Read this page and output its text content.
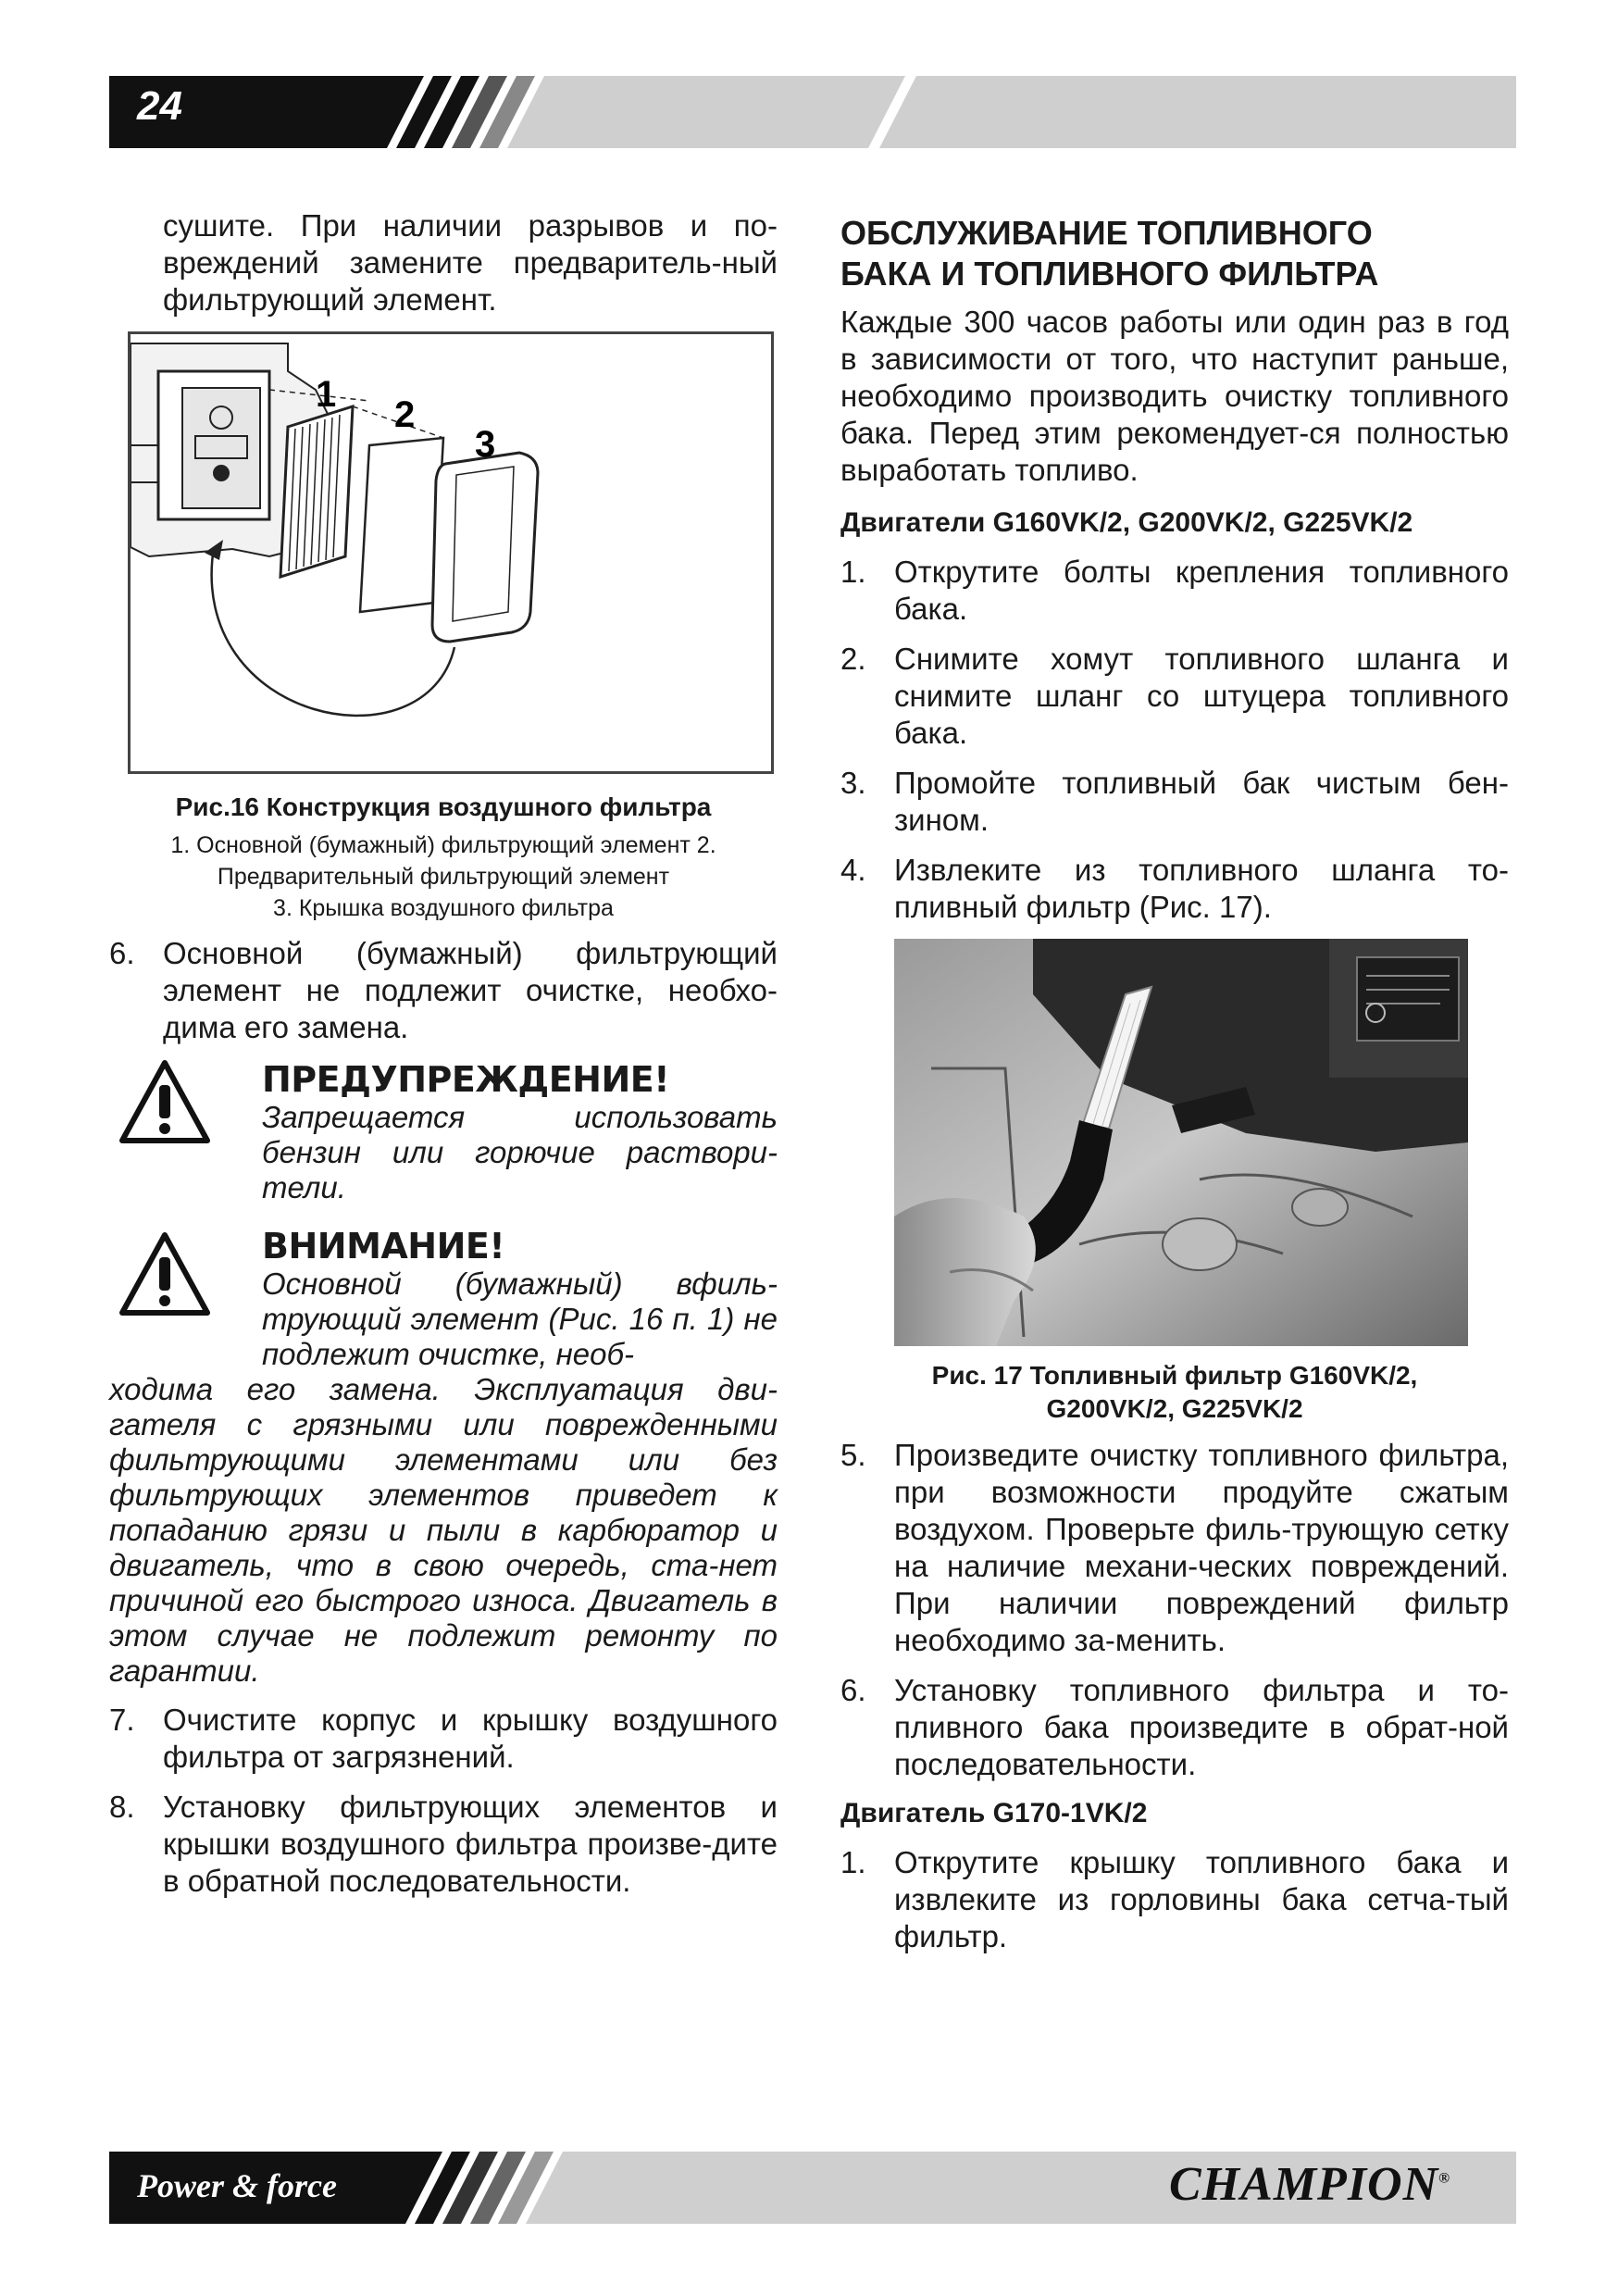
24
сушите. При наличии разрывов и по-вреждений замените предваритель-ный фильтрующий элемент.
1 2
3
Рис.16 Конструкция воздушного фильтра
1. Основной (бумажный) фильтрующий элемент 2.
Предварительный фильтрующий элемент
3. Крышка воздушного фильтра
6. Основной (бумажный) фильтрующий элемент не подлежит очистке, необхо-дима его замена.
ПРЕДУПРЕЖДЕНИЕ!
Запрещается использовать бензин или горючие раствори-тели.
ВНИМАНИЕ!
Основной (бумажный) вфиль-трующий элемент (Рис. 16 п. 1) не подлежит очистке, необ-
ходима его замена. Эксплуатация дви-гателя с грязными или поврежденными фильтрующими элементами или без фильтрующих элементов приведет к попаданию грязи и пыли в карбюратор и двигатель, что в свою очередь, ста-нет причиной его быстрого износа. Двигатель в этом случае не подлежит ремонту по гарантии.
7. Очистите корпус и крышку воздушного фильтра от загрязнений.
8. Установку фильтрующих элементов и крышки воздушного фильтра произве-дите в обратной последовательности.
ОБСЛУЖИВАНИЕ ТОПЛИВНОГО
БАКА И ТОПЛИВНОГО ФИЛЬТРА
Каждые 300 часов работы или один раз в год в зависимости от того, что наступит раньше, необходимо производить очистку топливного бака. Перед этим рекомендует-ся полностью выработать топливо.
Двигатели G160VK/2, G200VK/2, G225VK/2
1. Открутите болты крепления топливного бака.
2. Снимите хомут топливного шланга и снимите шланг со штуцера топливного бака.
3. Промойте топливный бак чистым бен-зином.
4. Извлеките из топливного шланга то-пливный фильтр (Рис. 17).
Рис. 17 Топливный фильтр G160VK/2,
G200VK/2, G225VK/2
5. Произведите очистку топливного фильтра, при возможности продуйте сжатым воздухом. Проверьте филь-трующую сетку на наличие механи-ческих повреждений. При наличии повреждений фильтр необходимо за-менить.
6. Установку топливного фильтра и то-пливного бака произведите в обрат-ной последовательности.
Двигатель G170-1VK/2
1. Открутите крышку топливного бака и извлеките из горловины бака сетча-тый фильтр.
Power & force	CHAMPION®
